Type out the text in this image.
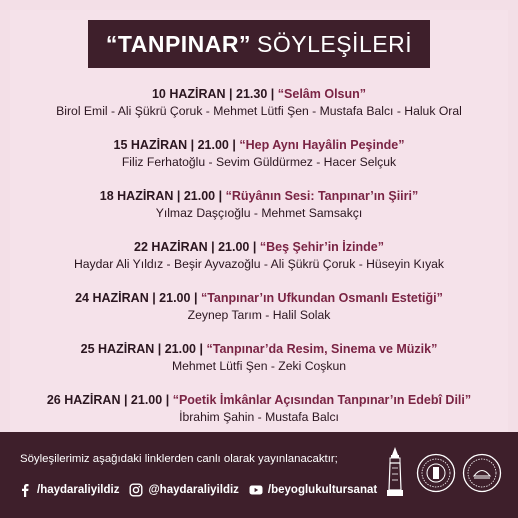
“TANPINAR” SÖYLEŞİLERİ
10 HAZİRAN | 21.30 | “Selâm Olsun”
Birol Emil - Ali Şükrü Çoruk - Mehmet Lütfi Şen - Mustafa Balcı - Haluk Oral
15 HAZİRAN | 21.00 | “Hep Aynı Hayâlin Peşinde”
Filiz Ferhatoğlu - Sevim Güldürmez - Hacer Selçuk
18 HAZİRAN | 21.00 | “Rüyânın Sesi: Tanpınar’ın Şiiri”
Yılmaz Daşçıoğlu - Mehmet Samsakçı
22 HAZİRAN | 21.00 | “Beş Şehir’in İzinde”
Haydar Ali Yıldız - Beşir Ayvazoğlu - Ali Şükrü Çoruk - Hüseyin Kıyak
24 HAZİRAN | 21.00 | “Tanpınar’ın Ufkundan Osmanlı Estetiği”
Zeynep Tarım - Halil Solak
25 HAZİRAN | 21.00 | “Tanpınar’da Resim, Sinema ve Müzik”
Mehmet Lütfi Şen - Zeki Coşkun
26 HAZİRAN | 21.00 | “Poetik İmkânlar Açısından Tanpınar’ın Edebî Dili”
İbrahim Şahin - Mustafa Balcı
Söyleşilerimiz aşağıdaki linklerden canlı olarak yayınlanacaktır;
/haydaraliyildiz	@haydaraliyildiz	/beyoglukultursanat
